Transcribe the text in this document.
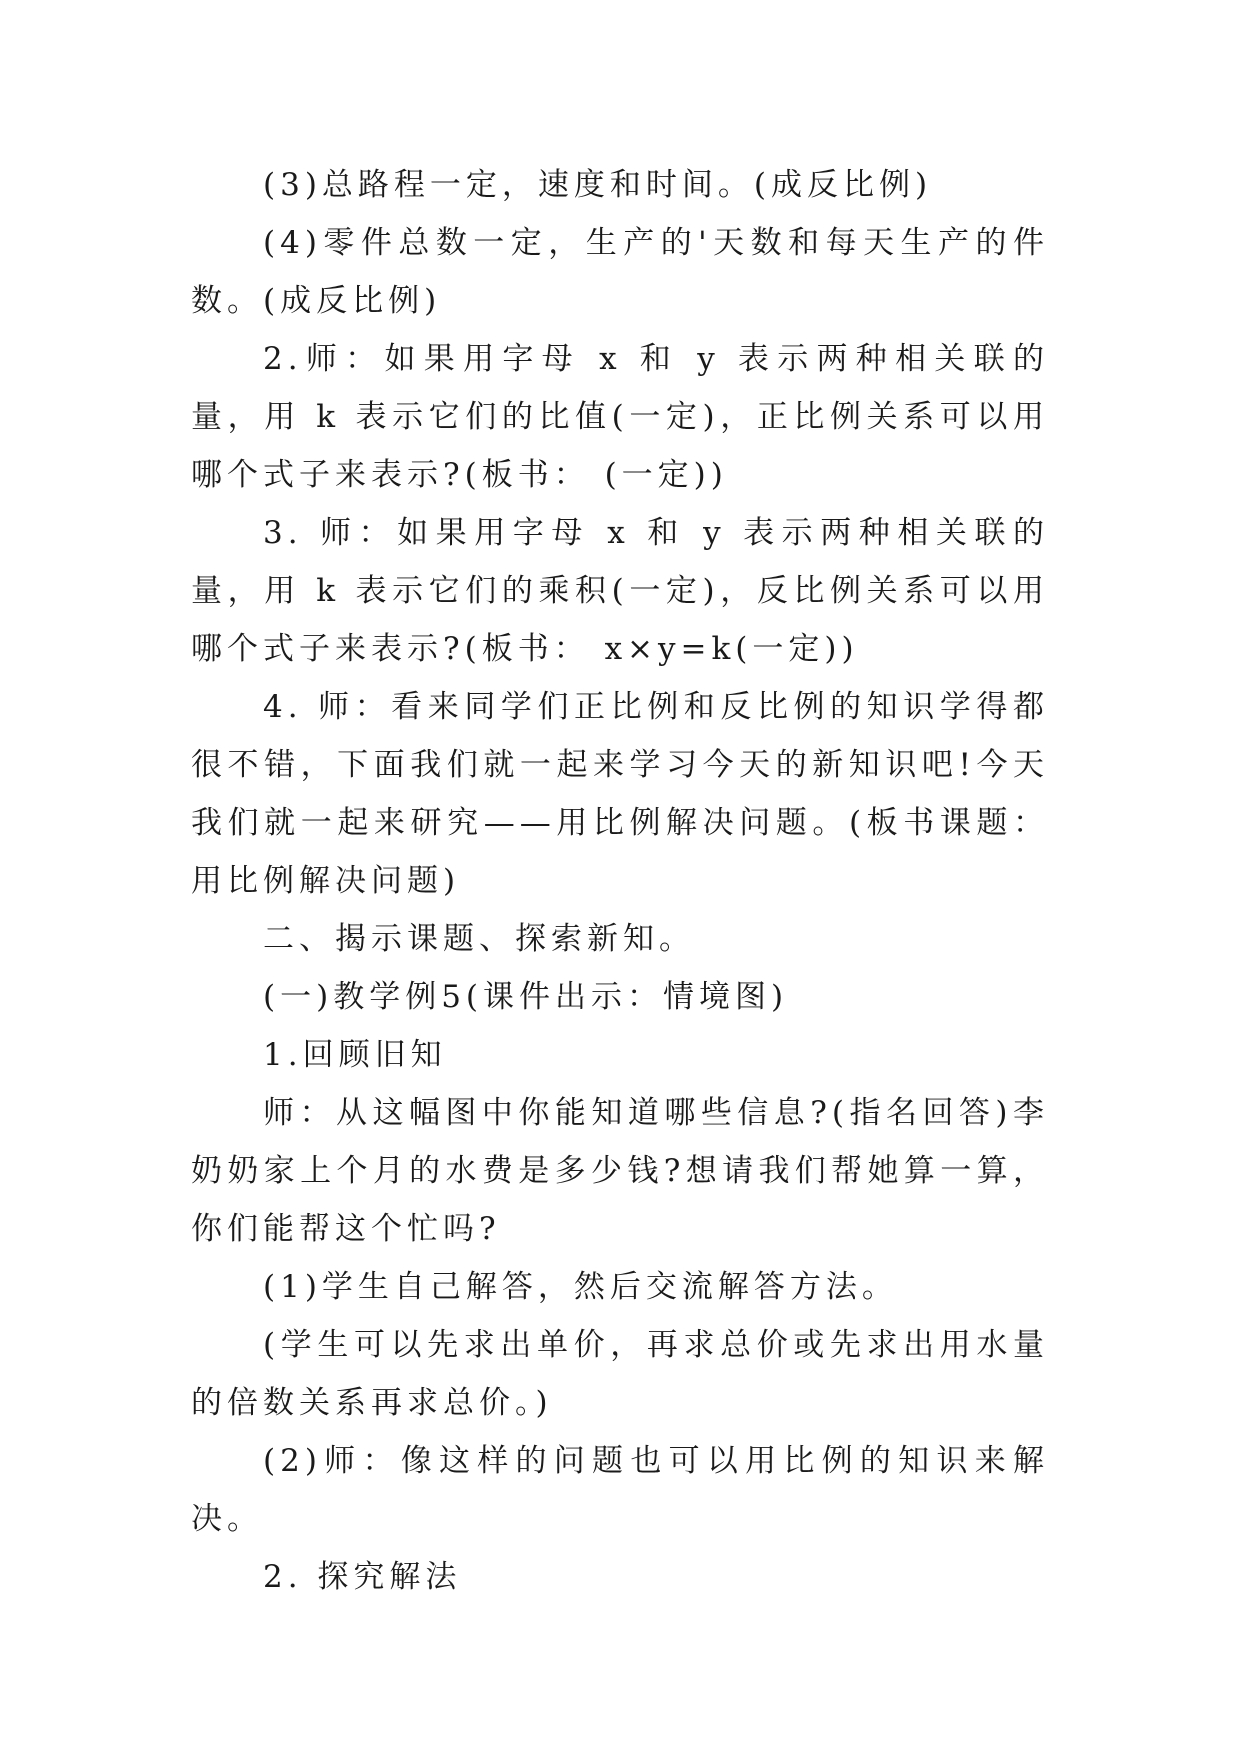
(3)总路程一定，速度和时间。(成反比例)

(4)零件总数一定，生产的'天数和每天生产的件数。(成反比例)

2.师：如果用字母 x 和 y 表示两种相关联的量，用 k 表示它们的比值(一定)，正比例关系可以用哪个式子来表示?(板书： (一定))

3. 师：如果用字母 x 和 y 表示两种相关联的量，用 k 表示它们的乘积(一定)，反比例关系可以用哪个式子来表示?(板书： x×y=k(一定))

4. 师：看来同学们正比例和反比例的知识学得都很不错，下面我们就一起来学习今天的新知识吧!今天我们就一起来研究——用比例解决问题。(板书课题：用比例解决问题)

二、揭示课题、探索新知。

(一)教学例5(课件出示：情境图)

1.回顾旧知

师：从这幅图中你能知道哪些信息?(指名回答)李奶奶家上个月的水费是多少钱?想请我们帮她算一算，你们能帮这个忙吗?

(1)学生自己解答，然后交流解答方法。

(学生可以先求出单价，再求总价或先求出用水量的倍数关系再求总价。)

(2)师：像这样的问题也可以用比例的知识来解决。

2. 探究解法
